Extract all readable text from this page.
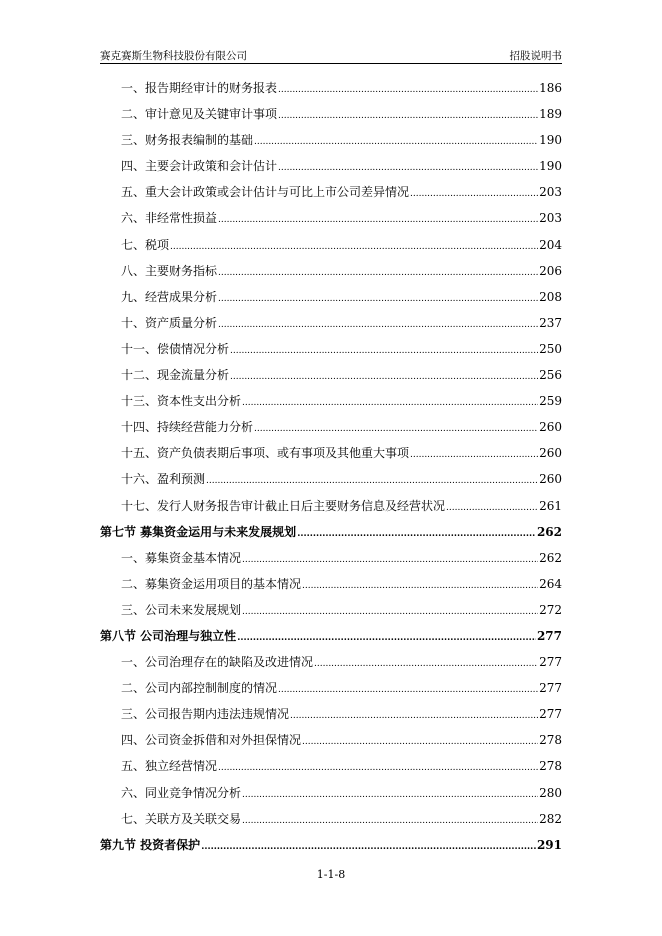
赛克赛斯生物科技股份有限公司	招股说明书
一、报告期经审计的财务报表 .....	186
二、审计意见及关键审计事项 .....	189
三、财务报表编制的基础 .....	190
四、主要会计政策和会计估计 .....	190
五、重大会计政策或会计估计与可比上市公司差异情况 .....	203
六、非经常性损益 .....	203
七、税项 .....	204
八、主要财务指标 .....	206
九、经营成果分析 .....	208
十、资产质量分析 .....	237
十一、偿债情况分析 .....	250
十二、现金流量分析 .....	256
十三、资本性支出分析 .....	259
十四、持续经营能力分析 .....	260
十五、资产负债表期后事项、或有事项及其他重大事项 .....	260
十六、盈利预测 .....	260
十七、发行人财务报告审计截止日后主要财务信息及经营状况 .....	261
第七节 募集资金运用与未来发展规划 .....	262
一、募集资金基本情况 .....	262
二、募集资金运用项目的基本情况 .....	264
三、公司未来发展规划 .....	272
第八节 公司治理与独立性 .....	277
一、公司治理存在的缺陷及改进情况 .....	277
二、公司内部控制制度的情况 .....	277
三、公司报告期内违法违规情况 .....	277
四、公司资金拆借和对外担保情况 .....	278
五、独立经营情况 .....	278
六、同业竞争情况分析 .....	280
七、关联方及关联交易 .....	282
第九节 投资者保护 .....	291
1-1-8
